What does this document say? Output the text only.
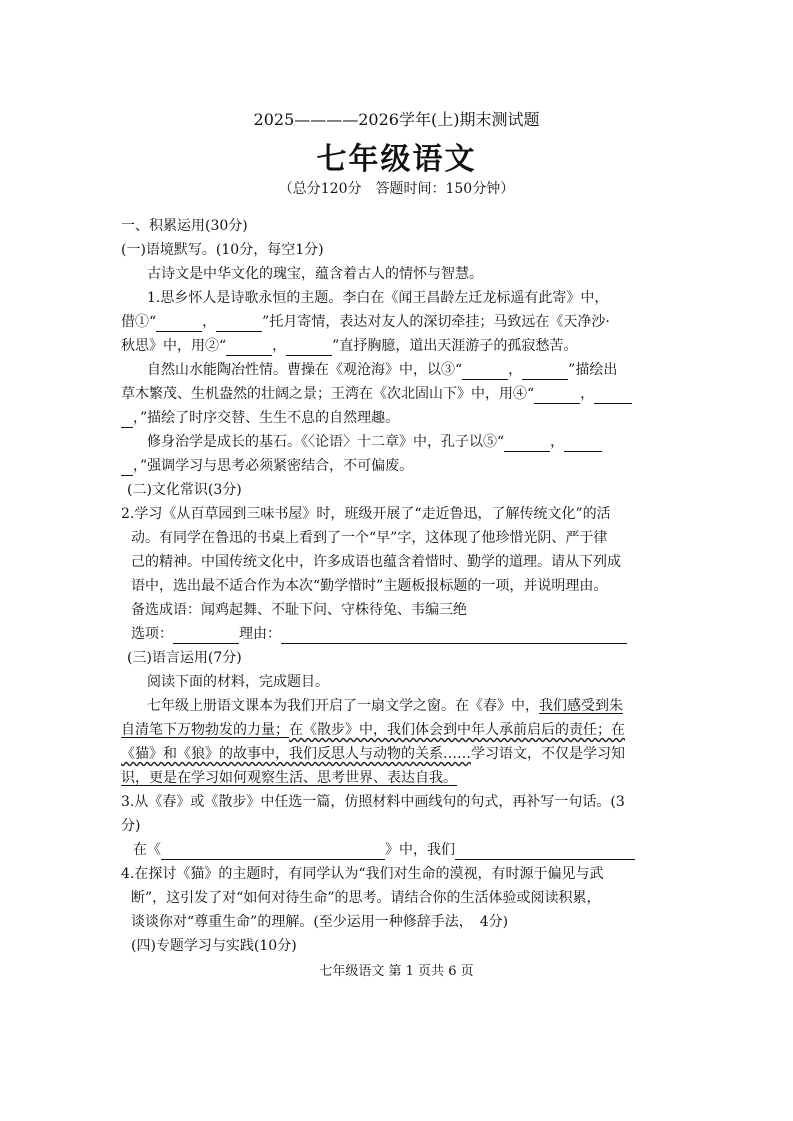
2025————2026学年(上)期末测试题
七年级语文
（总分120分　答题时间：150分钟）
一、积累运用(30分)
(一)语境默写。(10分，每空1分)
古诗文是中华文化的瑰宝，蕴含着古人的情怀与智慧。
1.思乡怀人是诗歌永恒的主题。李白在《闻王昌龄左迁龙标遥有此寄》中，
借①“	，	”托月寄情，表达对友人的深切牵挂；马致远在《天净沙·
秋思》中，用②“	，	”直抒胸臆，道出天涯游子的孤寂愁苦。
自然山水能陶冶性情。曹操在《观沧海》中，以③“	，	”描绘出
草木繁茂、生机盎然的壮阔之景；王湾在《次北固山下》中，用④“	，
，”描绘了时序交替、生生不息的自然理趣。
修身治学是成长的基石。《〈论语〉十二章》中，孔子以⑤“	，
，”强调学习与思考必须紧密结合，不可偏废。
(二)文化常识(3分)
2.学习《从百草园到三味书屋》时，班级开展了“走近鲁迅，了解传统文化”的活
动。有同学在鲁迅的书桌上看到了一个“早”字，这体现了他珍惜光阴、严于律
己的精神。中国传统文化中，许多成语也蕴含着惜时、勤学的道理。请从下列成
语中，选出最不适合作为本次“勤学惜时”主题板报标题的一项，并说明理由。
备选成语：闻鸡起舞、不耻下问、守株待兔、韦编三绝
选项：	理由：
(三)语言运用(7分)
阅读下面的材料，完成题目。
七年级上册语文课本为我们开启了一扇文学之窗。在《春》中，我们感受到朱
自清笔下万物勃发的力量；在《散步》中，我们体会到中年人承前启后的责任；在
《猫》和《狼》的故事中，我们反思人与动物的关系……学习语文，不仅是学习知
识，更是在学习如何观察生活、思考世界、表达自我。
3.从《春》或《散步》中任选一篇，仿照材料中画线句的句式，再补写一句话。(3
分)
在《	》中，我们
4.在探讨《猫》的主题时，有同学认为“我们对生命的漠视，有时源于偏见与武
断”，这引发了对“如何对待生命”的思考。请结合你的生活体验或阅读积累，
谈谈你对“尊重生命”的理解。(至少运用一种修辞手法，　4分)
(四)专题学习与实践(10分)
七年级语文 第 1 页共 6 页
